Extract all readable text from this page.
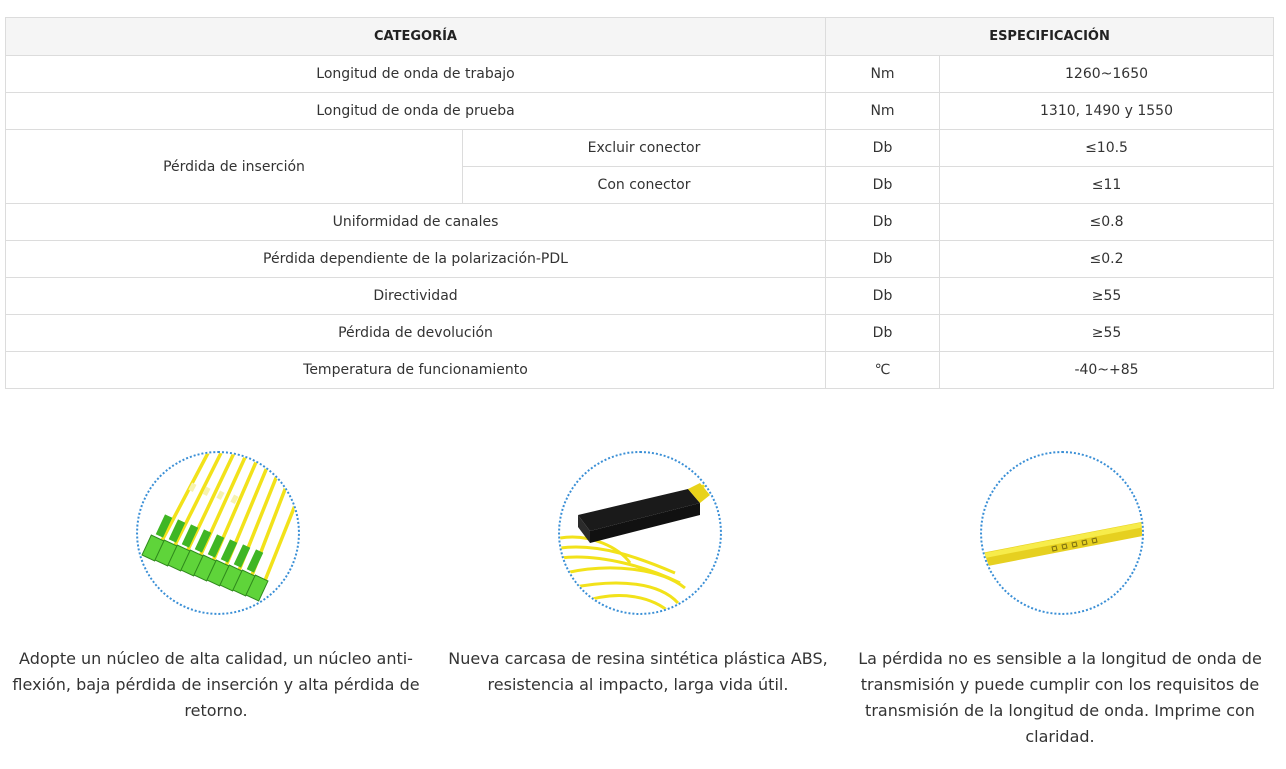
CATEGORÍA		ESPECIFICACIÓN	
Longitud de onda de trabajo		Nm	1260~1650
Longitud de onda de prueba		Nm	1310, 1490 y 1550
Pérdida de inserción	Excluir conector	Db	≤10.5
	Con conector	Db	≤11
Uniformidad de canales		Db	≤0.8
Pérdida dependiente de la polarización-PDL		Db	≤0.2
Directividad		Db	≥55
Pérdida de devolución		Db	≥55
Temperatura de funcionamiento		℃	-40~+85
Adopte un núcleo de alta calidad, un núcleo anti-flexión, baja pérdida de inserción y alta pérdida de retorno.
Nueva carcasa de resina sintética plástica ABS, resistencia al impacto, larga vida útil.
La pérdida no es sensible a la longitud de onda de transmisión y puede cumplir con los requisitos de transmisión de la longitud de onda. Imprime con claridad.
